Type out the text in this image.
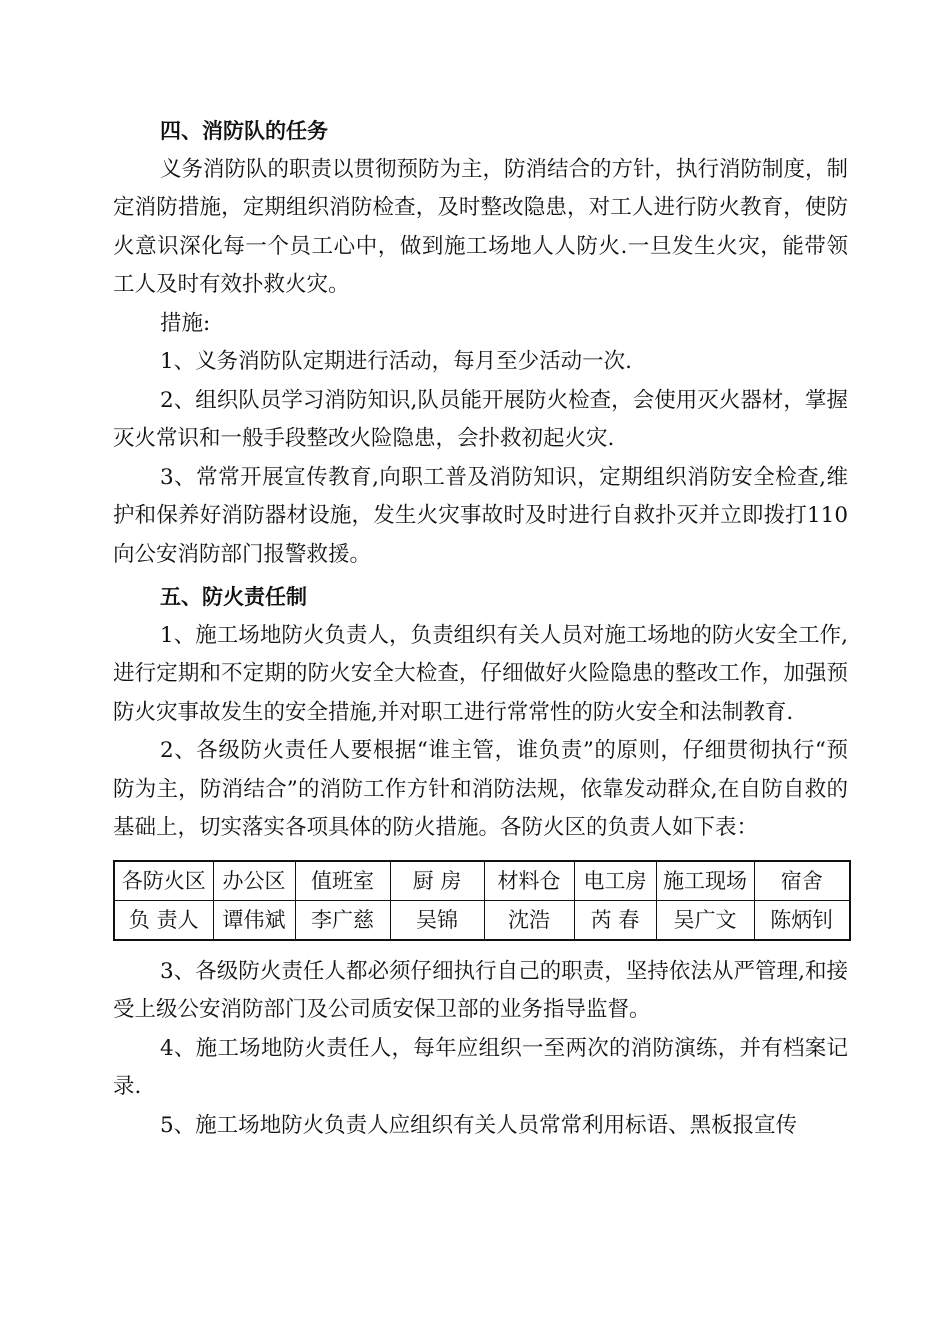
四、消防队的任务

义务消防队的职责以贯彻预防为主，防消结合的方针，执行消防制度，制定消防措施，定期组织消防检查，及时整改隐患，对工人进行防火教育，使防火意识深化每一个员工心中，做到施工场地人人防火.一旦发生火灾，能带领工人及时有效扑救火灾。

措施:

1、义务消防队定期进行活动，每月至少活动一次.

2、组织队员学习消防知识,队员能开展防火检查，会使用灭火器材，掌握灭火常识和一般手段整改火险隐患，会扑救初起火灾.

3、常常开展宣传教育,向职工普及消防知识，定期组织消防安全检查,维护和保养好消防器材设施，发生火灾事故时及时进行自救扑灭并立即拨打110向公安消防部门报警救援。

五、防火责任制

1、施工场地防火负责人，负责组织有关人员对施工场地的防火安全工作,进行定期和不定期的防火安全大检查，仔细做好火险隐患的整改工作，加强预防火灾事故发生的安全措施,并对职工进行常常性的防火安全和法制教育.

2、各级防火责任人要根据“谁主管，谁负责”的原则，仔细贯彻执行“预防为主，防消结合”的消防工作方针和消防法规，依靠发动群众,在自防自救的基础上，切实落实各项具体的防火措施。各防火区的负责人如下表：

各防火区	办公区	值班室	厨 房	材料仓	电工房	施工现场	宿舍
负 责人	谭伟斌	李广慈	吴锦	沈浩	芮 春	吴广文	陈炳钊

3、各级防火责任人都必须仔细执行自己的职责，坚持依法从严管理,和接受上级公安消防部门及公司质安保卫部的业务指导监督。

4、施工场地防火责任人，每年应组织一至两次的消防演练，并有档案记录.

5、施工场地防火负责人应组织有关人员常常利用标语、黑板报宣传
